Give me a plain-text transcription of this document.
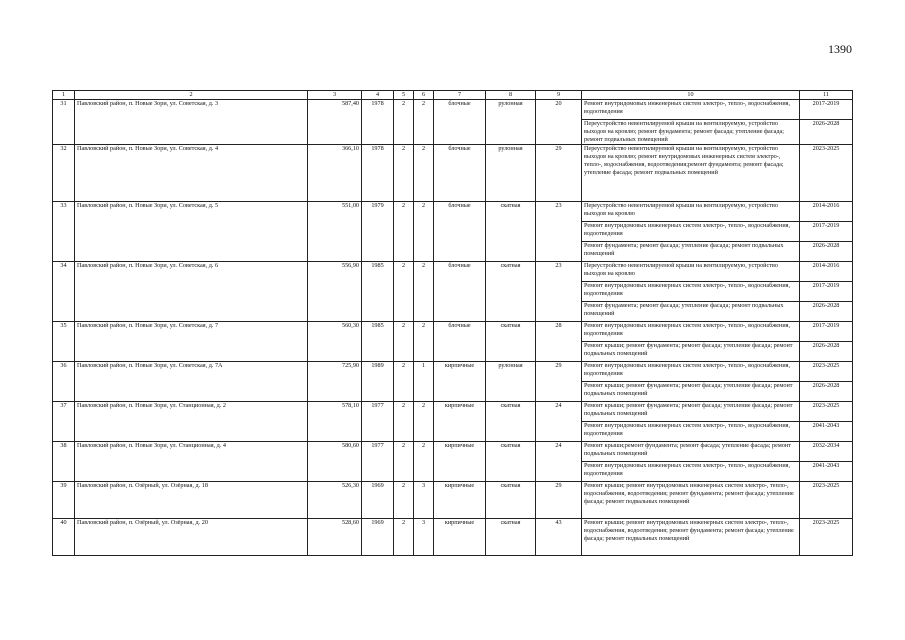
1390
1	2	3	4	5	6	7	8	9	10	11
31	Павловский район, п. Новые Зори, ул. Советская, д. 3	587,40	1978	2	2	блочные	рулонная	20	Ремонт внутридомовых инженерных систем электро-, тепло-, водоснабжения, водоотведения	2017-2019
									Переустройство невентилируемой крыши на вентилируемую, устройство выходов на кровлю; ремонт фундамента; ремонт фасада; утепление фасада; ремонт подвальных помещений	2026-2028
32	Павловский район, п. Новые Зори, ул. Советская, д. 4	366,10	1978	2	2	блочные	рулонная	29	Переустройство невентилируемой крыши на вентилируемую, устройство выходов на кровлю; ремонт внутридомовых инженерных систем электро-, тепло-, водоснабжения, водоотведения;ремонт фундамента; ремонт фасада; утепление фасада; ремонт подвальных помещений	2023-2025
33	Павловский район, п. Новые Зори, ул. Советская, д. 5	551,00	1979	2	2	блочные	скатная	23	Переустройство невентилируемой крыши на вентилируемую, устройство выходов на кровлю	2014-2016
									Ремонт внутридомовых инженерных систем электро-, тепло-, водоснабжения, водоотведения	2017-2019
									Ремонт фундамента; ремонт фасада; утепление фасада; ремонт подвальных помещений	2026-2028
34	Павловский район, п. Новые Зори, ул. Советская, д. 6	556,90	1985	2	2	блочные	скатная	23	Переустройство невентилируемой крыши на вентилируемую, устройство выходов на кровлю	2014-2016
									Ремонт внутридомовых инженерных систем электро-, тепло-, водоснабжения, водоотведения	2017-2019
									Ремонт фундамента; ремонт фасада; утепление фасада; ремонт подвальных помещений	2026-2028
35	Павловский район, п. Новые Зори, ул. Советская, д. 7	560,30	1985	2	2	блочные	скатная	28	Ремонт внутридомовых инженерных систем электро-, тепло-, водоснабжения, водоотведения	2017-2019
									Ремонт крыши; ремонт фундамента; ремонт фасада; утепление фасада; ремонт подвальных помещений	2026-2028
36	Павловский район, п. Новые Зори, ул. Советская, д. 7А	725,90	1989	2	1	кирпичные	рулонная	29	Ремонт внутридомовых инженерных систем электро-, тепло-, водоснабжения, водоотведения	2023-2025
									Ремонт крыши; ремонт фундамента; ремонт фасада; утепление фасада; ремонт подвальных помещений	2026-2028
37	Павловский район, п. Новые Зори, ул. Станционная, д. 2	578,10	1977	2	2	кирпичные	скатная	24	Ремонт крыши; ремонт фундамента; ремонт фасада; утепление фасада; ремонт подвальных помещений	2023-2025
									Ремонт внутридомовых инженерных систем электро-, тепло-, водоснабжения, водоотведения	2041-2043
38	Павловский район, п. Новые Зори, ул. Станционная, д. 4	580,60	1977	2	2	кирпичные	скатная	24	Ремонт крыши;ремонт фундамента; ремонт фасада; утепление фасада; ремонт подвальных помещений	2032-2034
									Ремонт внутридомовых инженерных систем электро-, тепло-, водоснабжения, водоотведения	2041-2043
39	Павловский район, п. Озёрный, ул. Озёрная, д. 18	526,30	1969	2	3	кирпичные	скатная	29	Ремонт крыши; ремонт внутридомовых инженерных систем электро-, тепло-, водоснабжения, водоотведения; ремонт фундамента; ремонт фасада; утепление фасада; ремонт подвальных помещений	2023-2025
40	Павловский район, п. Озёрный, ул. Озёрная, д. 20	528,60	1969	2	3	кирпичные	скатная	43	Ремонт крыши; ремонт внутридомовых инженерных систем электро-, тепло-, водоснабжения, водоотведения; ремонт фундамента; ремонт фасада; утепление фасада; ремонт подвальных помещений	2023-2025
